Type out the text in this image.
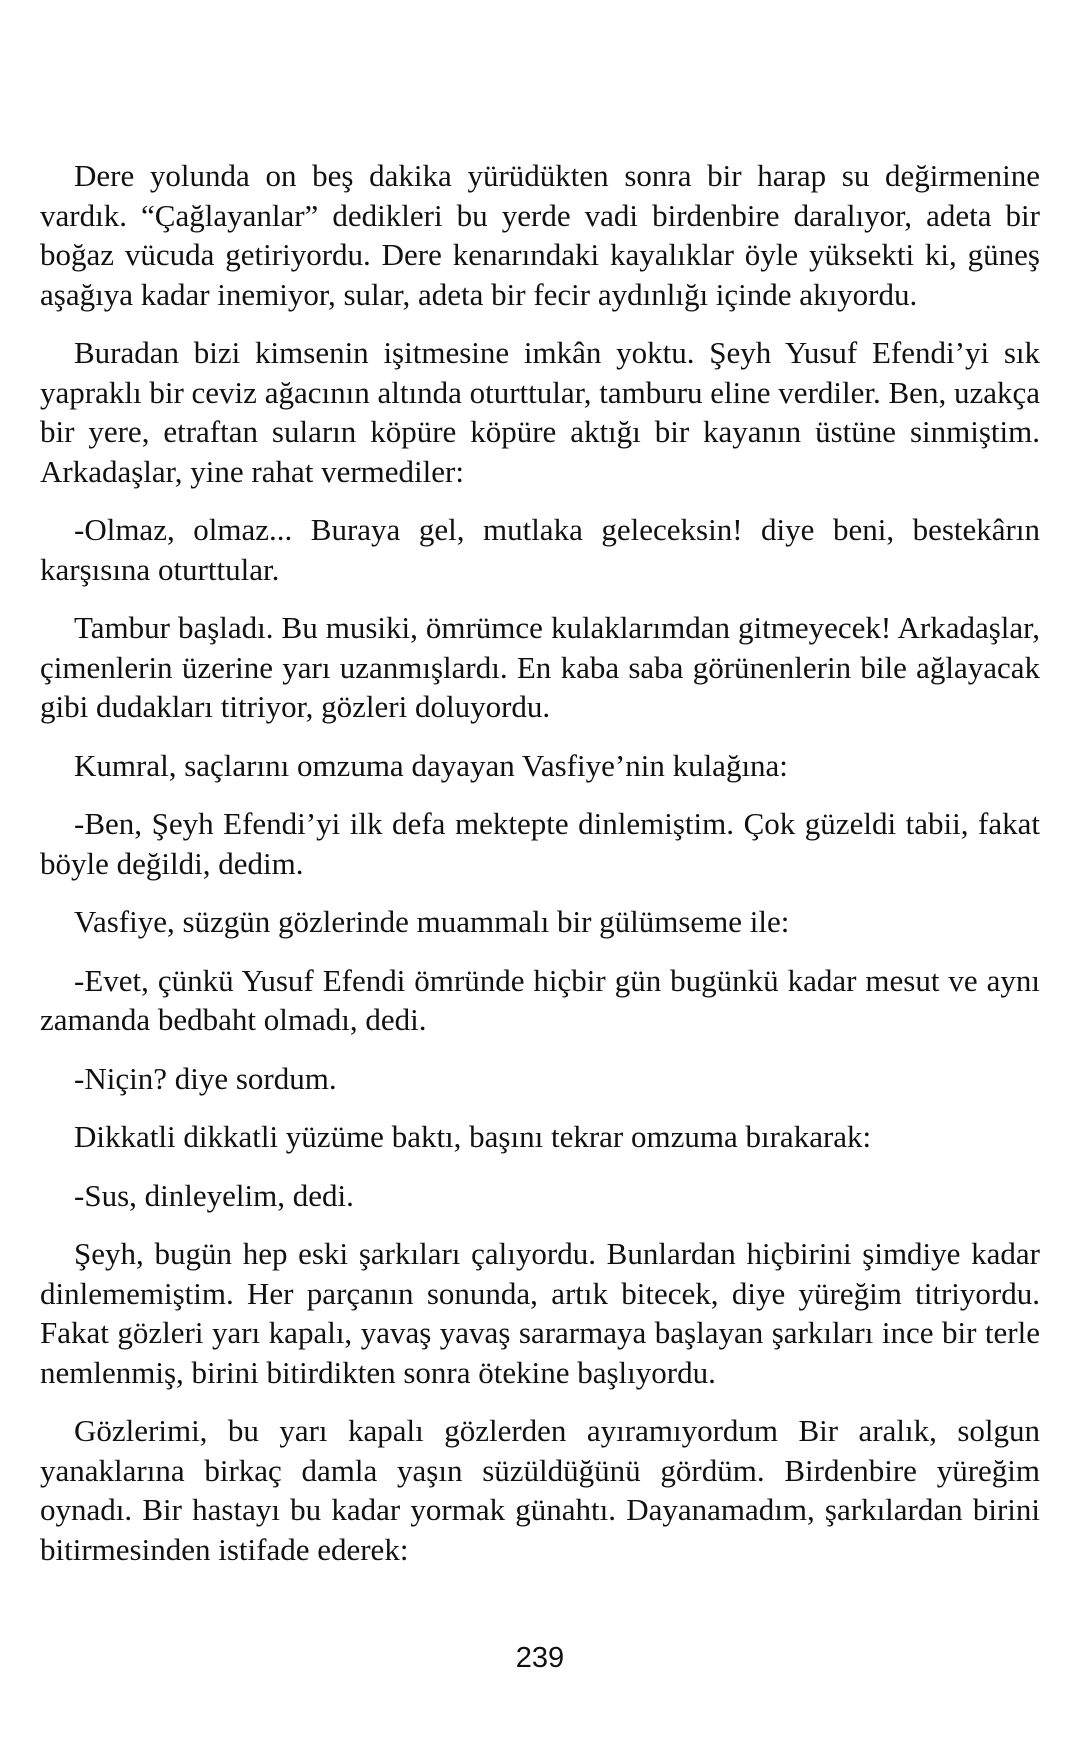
Dere yolunda on beş dakika yürüdükten sonra bir harap su değirmenine vardık. “Çağlayanlar” dedikleri bu yerde vadi birdenbire daralıyor, adeta bir boğaz vücuda getiriyordu. Dere kenarındaki kayalıklar öyle yüksekti ki, güneş aşağıya kadar inemiyor, sular, adeta bir fecir aydınlığı içinde akıyordu.

Buradan bizi kimsenin işitmesine imkân yoktu. Şeyh Yusuf Efendi’yi sık yapraklı bir ceviz ağacının altında oturttular, tamburu eline verdiler. Ben, uzakça bir yere, etraftan suların köpüre köpüre aktığı bir kayanın üstüne sinmiştim. Arkadaşlar, yine rahat vermediler:

-Olmaz, olmaz... Buraya gel, mutlaka geleceksin! diye beni, bestekârın karşısına oturttular.

Tambur başladı. Bu musiki, ömrümce kulaklarımdan gitmeyecek! Arkadaşlar, çimenlerin üzerine yarı uzanmışlardı. En kaba saba görünenlerin bile ağlayacak gibi dudakları titriyor, gözleri doluyordu.

Kumral, saçlarını omzuma dayayan Vasfiye’nin kulağına:

-Ben, Şeyh Efendi’yi ilk defa mektepte dinlemiştim. Çok güzeldi tabii, fakat böyle değildi, dedim.

Vasfiye, süzgün gözlerinde muammalı bir gülümseme ile:

-Evet, çünkü Yusuf Efendi ömründe hiçbir gün bugünkü kadar mesut ve aynı zamanda bedbaht olmadı, dedi.

-Niçin? diye sordum.

Dikkatli dikkatli yüzüme baktı, başını tekrar omzuma bırakarak:

-Sus, dinleyelim, dedi.

Şeyh, bugün hep eski şarkıları çalıyordu. Bunlardan hiçbirini şimdiye kadar dinlememiştim. Her parçanın sonunda, artık bitecek, diye yüreğim titriyordu. Fakat gözleri yarı kapalı, yavaş yavaş sararmaya başlayan şarkıları ince bir terle nemlenmiş, birini bitirdikten sonra ötekine başlıyordu.

Gözlerimi, bu yarı kapalı gözlerden ayıramıyordum Bir aralık, solgun yanaklarına birkaç damla yaşın süzüldüğünü gördüm. Birdenbire yüreğim oynadı. Bir hastayı bu kadar yormak günahtı. Dayanamadım, şarkılardan birini bitirmesinden istifade ederek:

239
